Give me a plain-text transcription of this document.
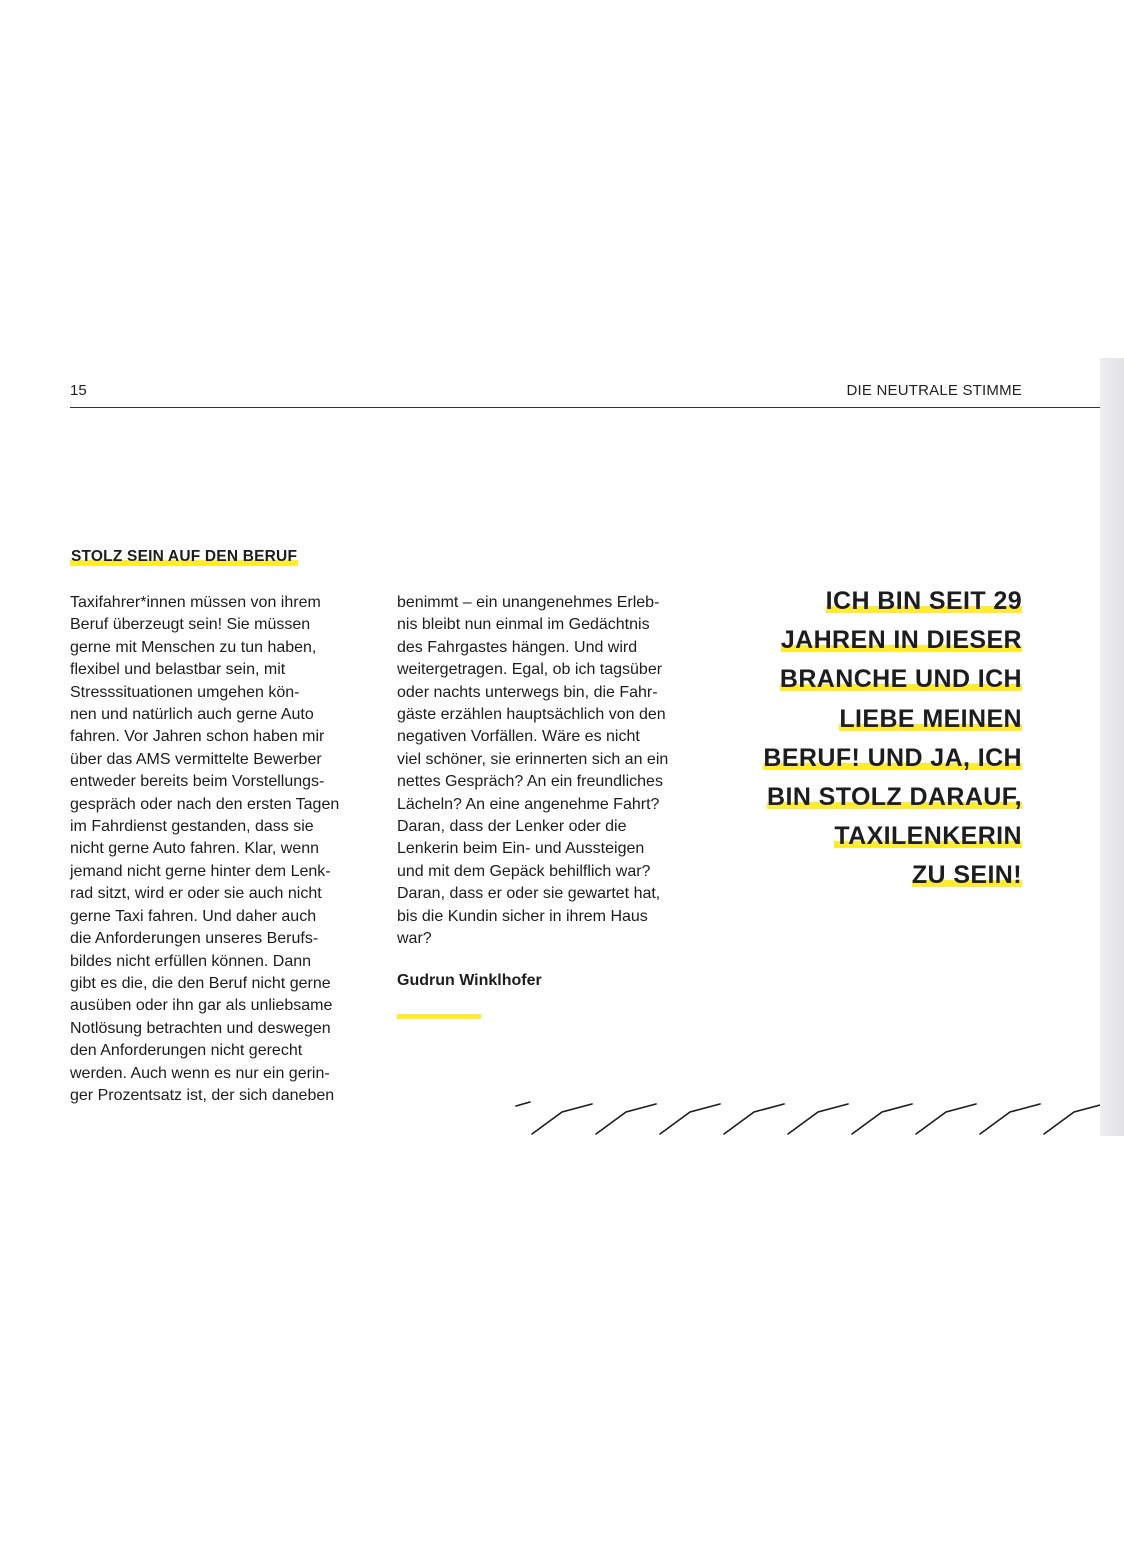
15	DIE NEUTRALE STIMME
STOLZ SEIN AUF DEN BERUF

Taxifahrer*innen müssen von ihrem
Beruf überzeugt sein! Sie müssen
gerne mit Menschen zu tun haben,
flexibel und belastbar sein, mit
Stresssituationen umgehen kön-
nen und natürlich auch gerne Auto
fahren. Vor Jahren schon haben mir
über das AMS vermittelte Bewerber
entweder bereits beim Vorstellungs-
gespräch oder nach den ersten Tagen
im Fahrdienst gestanden, dass sie
nicht gerne Auto fahren. Klar, wenn
jemand nicht gerne hinter dem Lenk-
rad sitzt, wird er oder sie auch nicht
gerne Taxi fahren. Und daher auch
die Anforderungen unseres Berufs-
bildes nicht erfüllen können. Dann
gibt es die, die den Beruf nicht gerne
ausüben oder ihn gar als unliebsame
Notlösung betrachten und deswegen
den Anforderungen nicht gerecht
werden. Auch wenn es nur ein gerin-
ger Prozentsatz ist, der sich daneben

benimmt – ein unangenehmes Erleb-
nis bleibt nun einmal im Gedächtnis
des Fahrgastes hängen. Und wird
weitergetragen. Egal, ob ich tagsüber
oder nachts unterwegs bin, die Fahr-
gäste erzählen hauptsächlich von den
negativen Vorfällen. Wäre es nicht
viel schöner, sie erinnerten sich an ein
nettes Gespräch? An ein freundliches
Lächeln? An eine angenehme Fahrt?
Daran, dass der Lenker oder die
Lenkerin beim Ein- und Aussteigen
und mit dem Gepäck behilflich war?
Daran, dass er oder sie gewartet hat,
bis die Kundin sicher in ihrem Haus
war?

Gudrun Winklhofer

ICH BIN SEIT 29
JAHREN IN DIESER
BRANCHE UND ICH
LIEBE MEINEN
BERUF! UND JA, ICH
BIN STOLZ DARAUF,
TAXILENKERIN
ZU SEIN!
